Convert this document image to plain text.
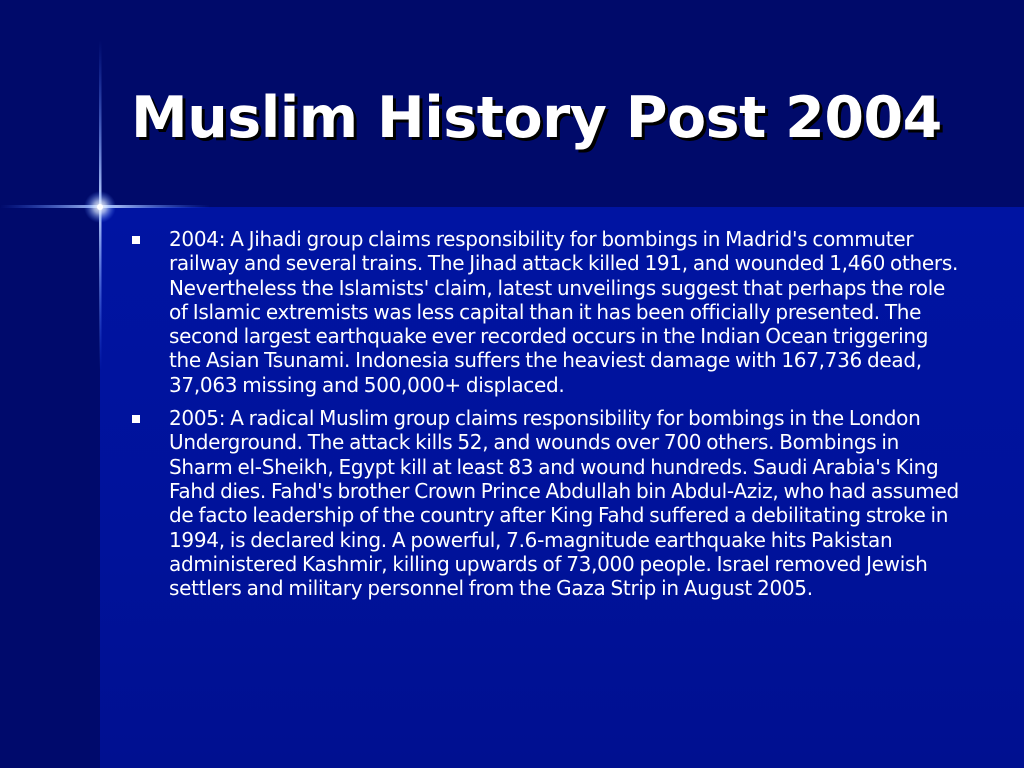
Muslim History Post 2004
2004: A Jihadi group claims responsibility for bombings in Madrid's commuter railway and several trains. The Jihad attack killed 191, and wounded 1,460 others. Nevertheless the Islamists' claim, latest unveilings suggest that perhaps the role of Islamic extremists was less capital than it has been officially presented. The second largest earthquake ever recorded occurs in the Indian Ocean triggering the Asian Tsunami. Indonesia suffers the heaviest damage with 167,736 dead, 37,063 missing and 500,000+ displaced.
2005: A radical Muslim group claims responsibility for bombings in the London Underground. The attack kills 52, and wounds over 700 others. Bombings in Sharm el-Sheikh, Egypt kill at least 83 and wound hundreds. Saudi Arabia's King Fahd dies. Fahd's brother Crown Prince Abdullah bin Abdul-Aziz, who had assumed de facto leadership of the country after King Fahd suffered a debilitating stroke in 1994, is declared king. A powerful, 7.6-magnitude earthquake hits Pakistan administered Kashmir, killing upwards of 73,000 people. Israel removed Jewish settlers and military personnel from the Gaza Strip in August 2005.
